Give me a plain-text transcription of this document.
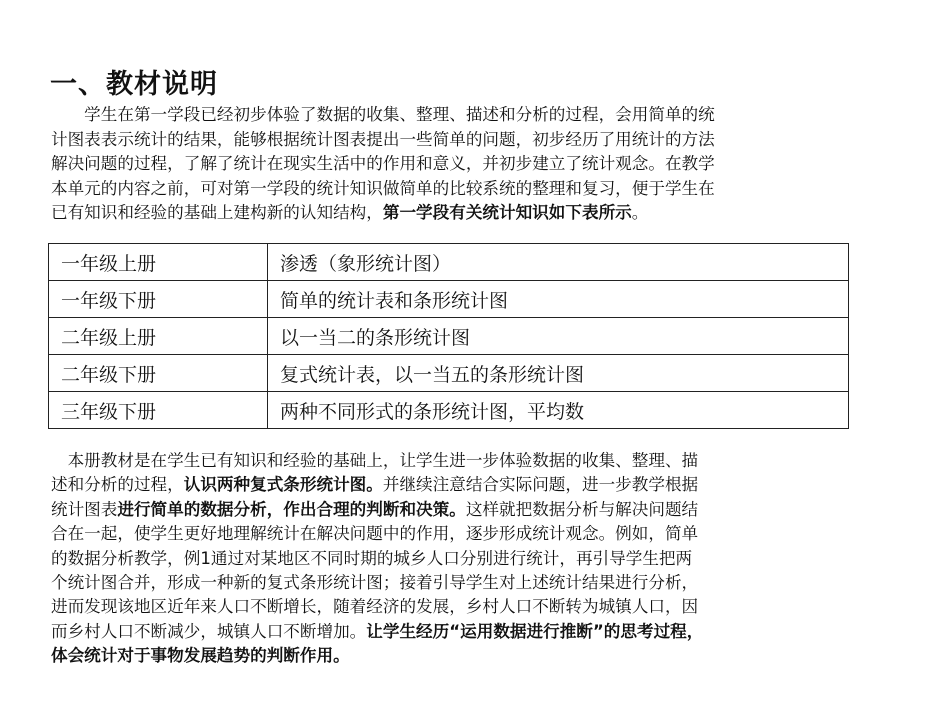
一、教材说明
　　学生在第一学段已经初步体验了数据的收集、整理、描述和分析的过程，会用简单的统
计图表表示统计的结果，能够根据统计图表提出一些简单的问题，初步经历了用统计的方法
解决问题的过程，了解了统计在现实生活中的作用和意义，并初步建立了统计观念。在教学
本单元的内容之前，可对第一学段的统计知识做简单的比较系统的整理和复习，便于学生在
已有知识和经验的基础上建构新的认知结构，第一学段有关统计知识如下表所示。
一年级上册	渗透（象形统计图）
一年级下册	简单的统计表和条形统计图
二年级上册	以一当二的条形统计图
二年级下册	复式统计表，以一当五的条形统计图
三年级下册	两种不同形式的条形统计图，平均数
　本册教材是在学生已有知识和经验的基础上，让学生进一步体验数据的收集、整理、描
述和分析的过程，认识两种复式条形统计图。并继续注意结合实际问题，进一步教学根据
统计图表进行简单的数据分析，作出合理的判断和决策。这样就把数据分析与解决问题结
合在一起，使学生更好地理解统计在解决问题中的作用，逐步形成统计观念。例如，简单
的数据分析教学，例1通过对某地区不同时期的城乡人口分别进行统计，再引导学生把两
个统计图合并，形成一种新的复式条形统计图；接着引导学生对上述统计结果进行分析，
进而发现该地区近年来人口不断增长，随着经济的发展，乡村人口不断转为城镇人口，因
而乡村人口不断减少，城镇人口不断增加。让学生经历“运用数据进行推断”的思考过程，
体会统计对于事物发展趋势的判断作用。
